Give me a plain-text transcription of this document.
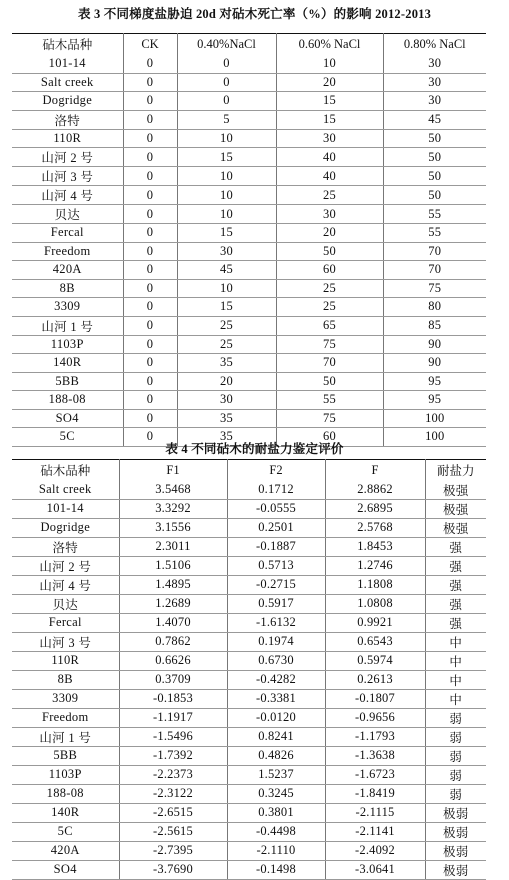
表 3 不同梯度盐胁迫 20d 对砧木死亡率（%）的影响 2012-2013
砧木品种	CK	0.40%NaCl	0.60% NaCl	0.80% NaCl
101-14	0	0	10	30
Salt creek	0	0	20	30
Dogridge	0	0	15	30
洛特	0	5	15	45
110R	0	10	30	50
山河 2 号	0	15	40	50
山河 3 号	0	10	40	50
山河 4 号	0	10	25	50
贝达	0	10	30	55
Fercal	0	15	20	55
Freedom	0	30	50	70
420A	0	45	60	70
8B	0	10	25	75
3309	0	15	25	80
山河 1 号	0	25	65	85
1103P	0	25	75	90
140R	0	35	70	90
5BB	0	20	50	95
188-08	0	30	55	95
SO4	0	35	75	100
5C	0	35	60	100
表 4 不同砧木的耐盐力鉴定评价
砧木品种	F1	F2	F	耐盐力
Salt creek	3.5468	0.1712	2.8862	极强
101-14	3.3292	-0.0555	2.6895	极强
Dogridge	3.1556	0.2501	2.5768	极强
洛特	2.3011	-0.1887	1.8453	强
山河 2 号	1.5106	0.5713	1.2746	强
山河 4 号	1.4895	-0.2715	1.1808	强
贝达	1.2689	0.5917	1.0808	强
Fercal	1.4070	-1.6132	0.9921	强
山河 3 号	0.7862	0.1974	0.6543	中
110R	0.6626	0.6730	0.5974	中
8B	0.3709	-0.4282	0.2613	中
3309	-0.1853	-0.3381	-0.1807	中
Freedom	-1.1917	-0.0120	-0.9656	弱
山河 1 号	-1.5496	0.8241	-1.1793	弱
5BB	-1.7392	0.4826	-1.3638	弱
1103P	-2.2373	1.5237	-1.6723	弱
188-08	-2.3122	0.3245	-1.8419	弱
140R	-2.6515	0.3801	-2.1115	极弱
5C	-2.5615	-0.4498	-2.1141	极弱
420A	-2.7395	-2.1110	-2.4092	极弱
SO4	-3.7690	-0.1498	-3.0641	极弱
